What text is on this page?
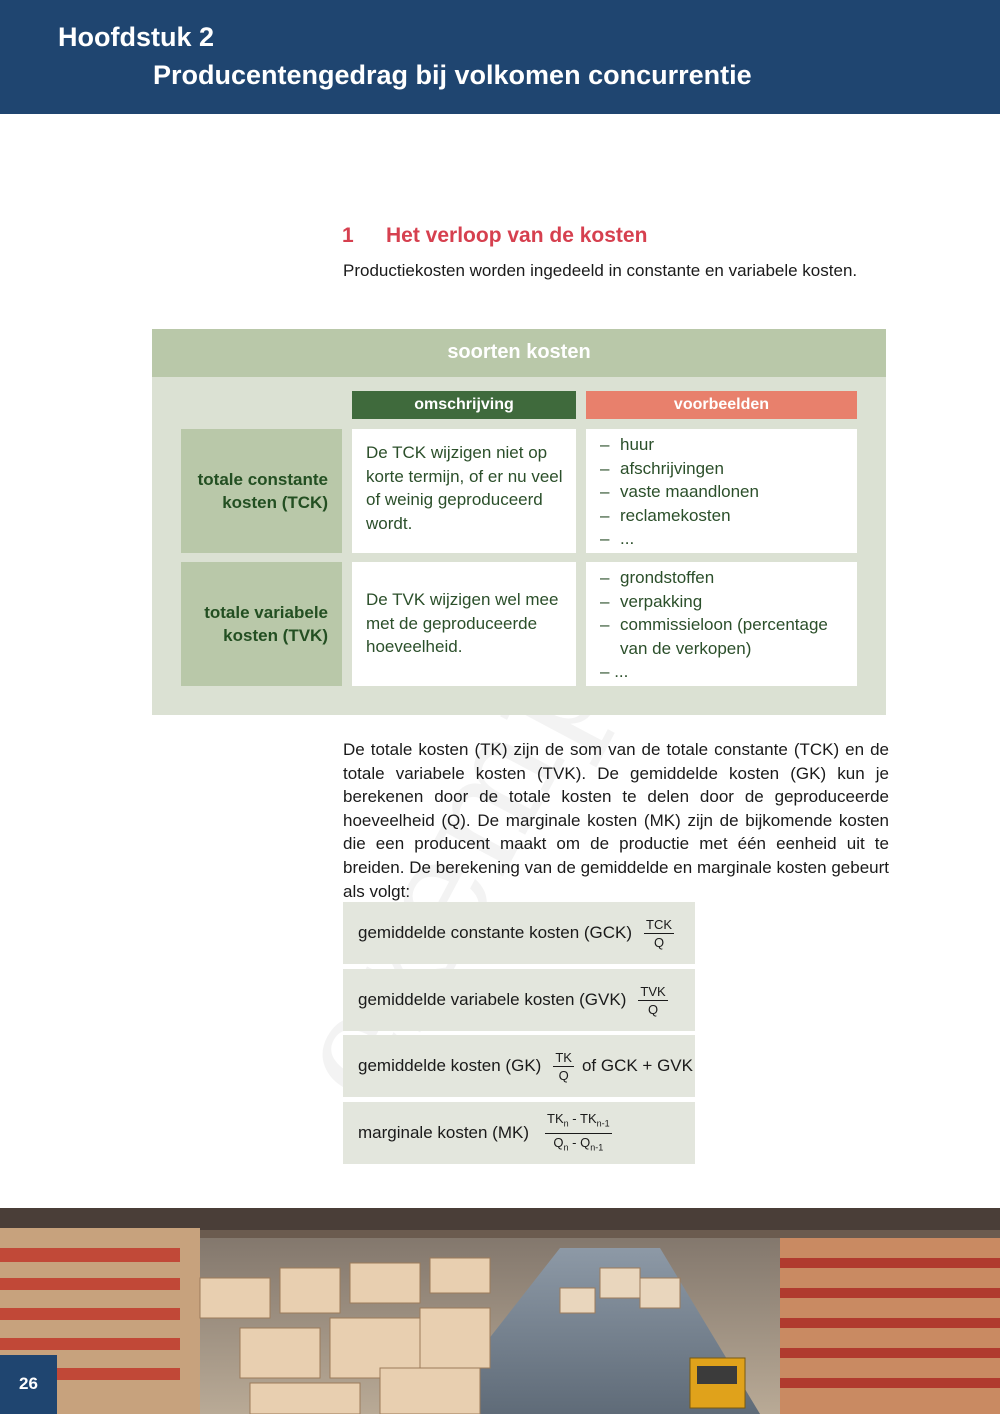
Hoofdstuk 2
Producentengedrag bij volkomen concurrentie
1 Het verloop van de kosten
Productiekosten worden ingedeeld in constante en variabele kosten.
soorten kosten
omschrijving	voorbeelden
totale constante
kosten (TCK)
De TCK wijzigen niet op korte termijn, of er nu veel of weinig geproduceerd wordt.
– huur
– afschrijvingen
– vaste maandlonen
– reclamekosten
– ...
totale variabele
kosten (TVK)
De TVK wijzigen wel mee met de geproduceerde hoeveelheid.
– grondstoffen
– verpakking
– commissieloon (percentage van de verkopen)
– ...
De totale kosten (TK) zijn de som van de totale constante (TCK) en de totale variabele kosten (TVK). De gemiddelde kosten (GK) kun je berekenen door de totale kosten te delen door de geproduceerde hoeveelheid (Q). De marginale kosten (MK) zijn de bijkomende kosten die een producent maakt om de productie met één eenheid uit te breiden. De berekening van de gemiddelde en marginale kosten gebeurt als volgt:
gemiddelde constante kosten $(GCK) \frac{\text{TCK}}{Q}$
gemiddelde variabele kosten $(GVK) \frac{\text{TVK}}{Q}$
gemiddelde kosten $(GK) \frac{TK}{Q}$ of GCK + GVK
marginale kosten $(MK) \frac{TK_n - TK_{n-1}}{Q_n - Q_{n-1}}$
26
